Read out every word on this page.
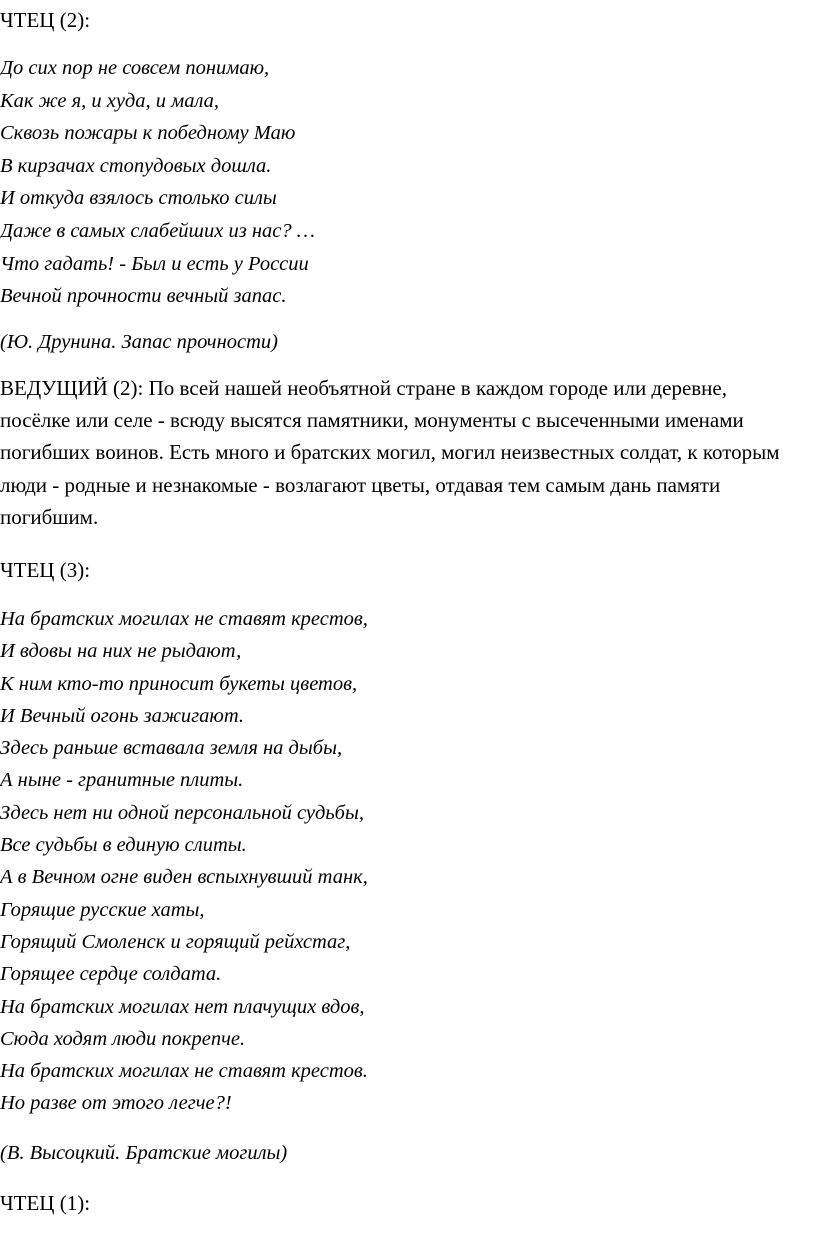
ЧТЕЦ (2):
До сих пор не совсем понимаю,
Как же я, и худа, и мала,
Сквозь пожары к победному Маю
В кирзачах стопудовых дошла.
И откуда взялось столько силы
Даже в самых слабейших из нас? …
Что гадать! - Был и есть у России
Вечной прочности вечный запас.
(Ю. Друнина. Запас прочности)

ВЕДУЩИЙ (2): По всей нашей необъятной стране в каждом городе или деревне, посёлке или селе - всюду высятся памятники, монументы с высеченными именами погибших воинов. Есть много и братских могил, могил неизвестных солдат, к которым люди - родные и незнакомые - возлагают цветы, отдавая тем самым дань памяти погибшим.

ЧТЕЦ (3):
На братских могилах не ставят крестов,
И вдовы на них не рыдают,
К ним кто-то приносит букеты цветов,
И Вечный огонь зажигают.
Здесь раньше вставала земля на дыбы,
А ныне - гранитные плиты.
Здесь нет ни одной персональной судьбы,
Все судьбы в единую слиты.
А в Вечном огне виден вспыхнувший танк,
Горящие русские хаты,
Горящий Смоленск и горящий рейхстаг,
Горящее сердце солдата.
На братских могилах нет плачущих вдов,
Сюда ходят люди покрепче.
На братских могилах не ставят крестов.
Но разве от этого легче?!
(В. Высоцкий. Братские могилы)
ЧТЕЦ (1):
